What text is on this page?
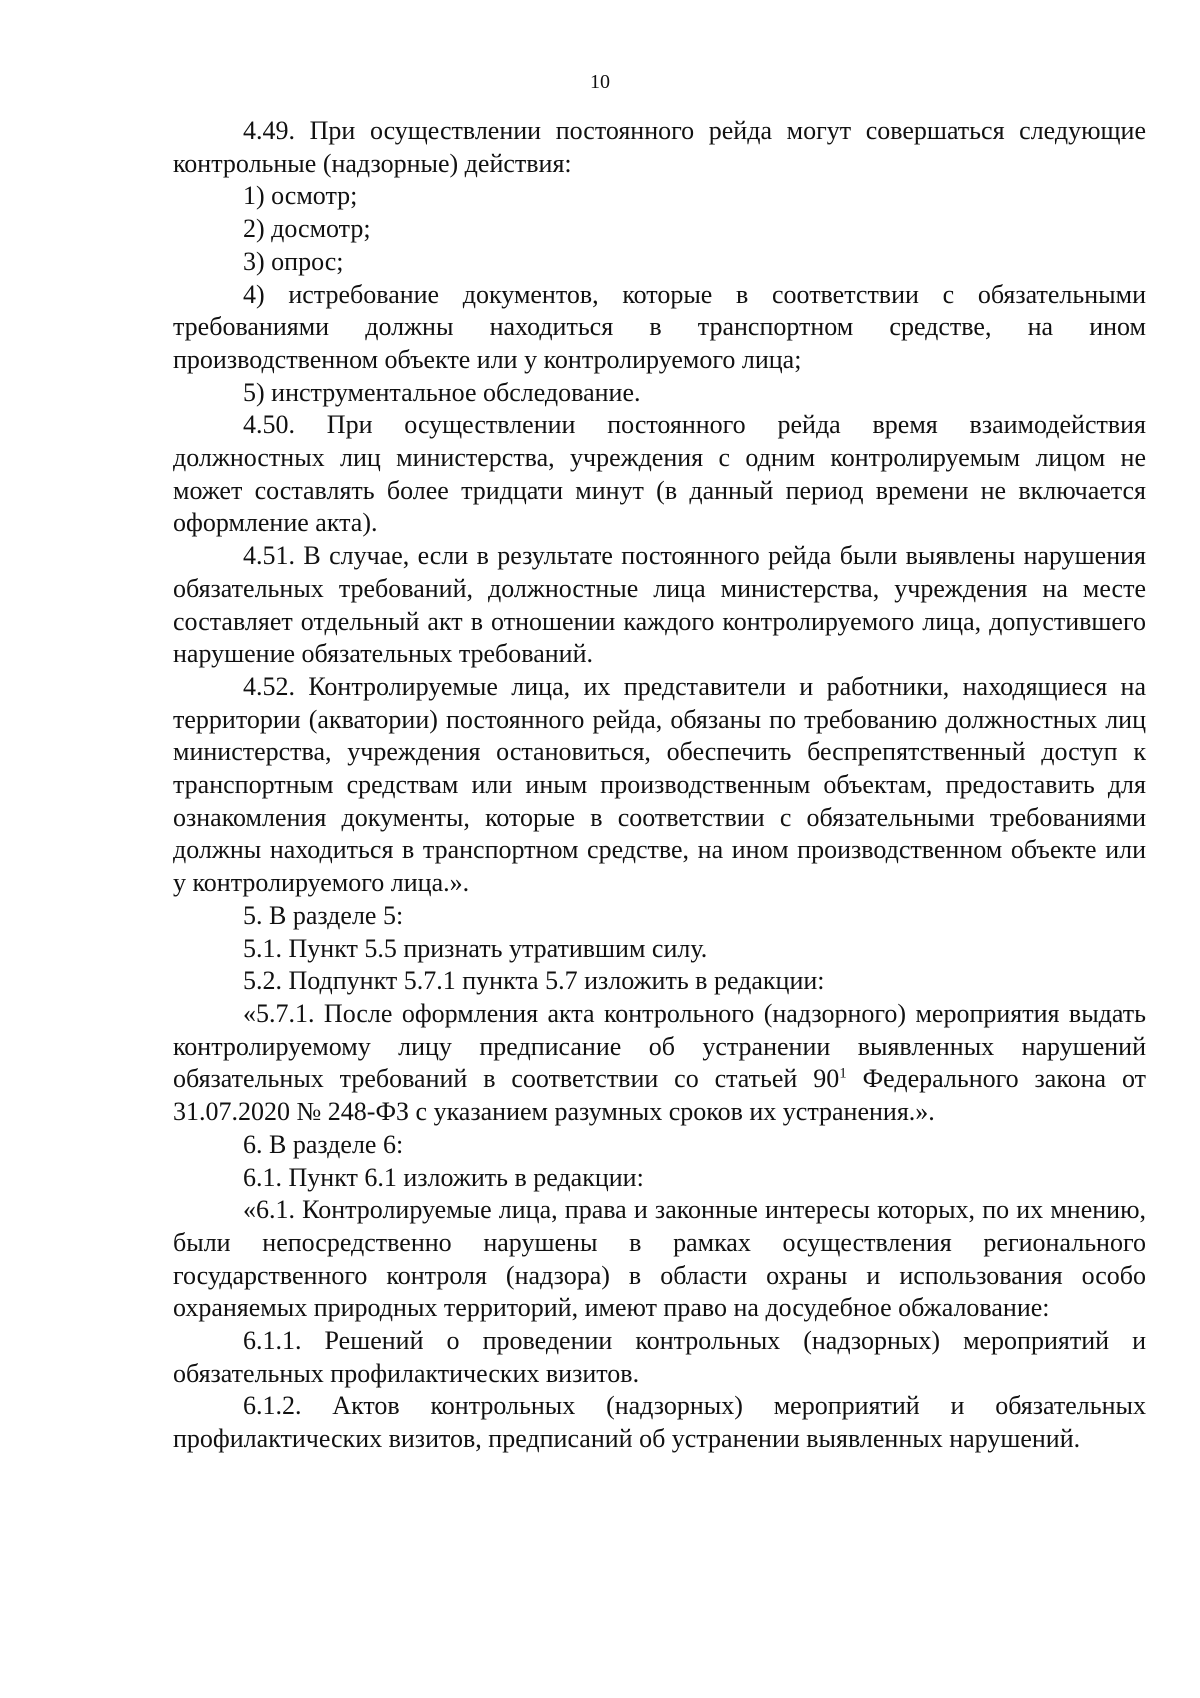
10

4.49. При осуществлении постоянного рейда могут совершаться следующие контрольные (надзорные) действия:

1) осмотр;

2) досмотр;

3) опрос;

4) истребование документов, которые в соответствии с обязательными требованиями должны находиться в транспортном средстве, на ином производственном объекте или у контролируемого лица;

5) инструментальное обследование.

4.50. При осуществлении постоянного рейда время взаимодействия должностных лиц министерства, учреждения с одним контролируемым лицом не может составлять более тридцати минут (в данный период времени не включается оформление акта).

4.51. В случае, если в результате постоянного рейда были выявлены нарушения обязательных требований, должностные лица министерства, учреждения на месте составляет отдельный акт в отношении каждого контролируемого лица, допустившего нарушение обязательных требований.

4.52. Контролируемые лица, их представители и работники, находящиеся на территории (акватории) постоянного рейда, обязаны по требованию должностных лиц министерства, учреждения остановиться, обеспечить беспрепятственный доступ к транспортным средствам или иным производственным объектам, предоставить для ознакомления документы, которые в соответствии с обязательными требованиями должны находиться в транспортном средстве, на ином производственном объекте или у контролируемого лица.».

5. В разделе 5:

5.1. Пункт 5.5 признать утратившим силу.

5.2. Подпункт 5.7.1 пункта 5.7 изложить в редакции:

«5.7.1. После оформления акта контрольного (надзорного) мероприятия выдать контролируемому лицу предписание об устранении выявленных нарушений обязательных требований в соответствии со статьей $90^1$ Федерального закона от 31.07.2020 № 248-ФЗ с указанием разумных сроков их устранения.».

6. В разделе 6:

6.1. Пункт 6.1 изложить в редакции:

«6.1. Контролируемые лица, права и законные интересы которых, по их мнению, были непосредственно нарушены в рамках осуществления регионального государственного контроля (надзора) в области охраны и использования особо охраняемых природных территорий, имеют право на досудебное обжалование:

6.1.1. Решений о проведении контрольных (надзорных) мероприятий и обязательных профилактических визитов.

6.1.2. Актов контрольных (надзорных) мероприятий и обязательных профилактических визитов, предписаний об устранении выявленных нарушений.
